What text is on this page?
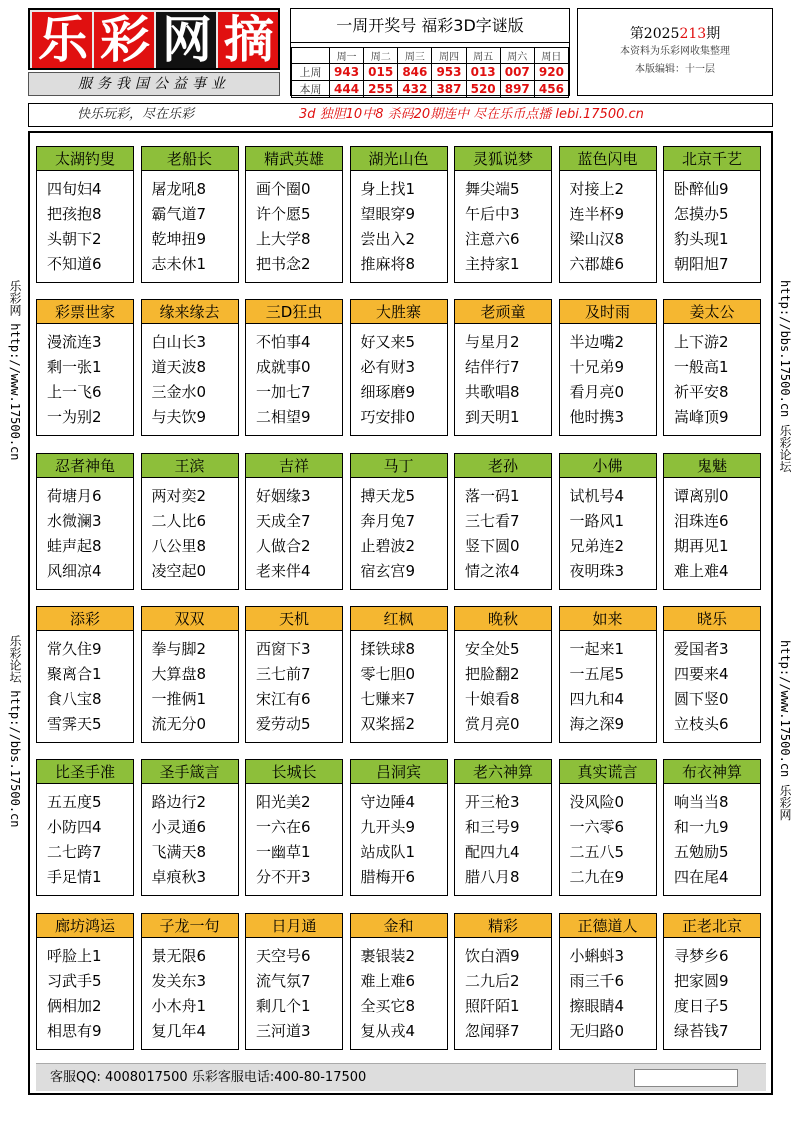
乐 彩 网 摘
服务我国公益事业
一周开奖号 福彩3D字谜版
	周一	周二	周三	周四	周五	周六	周日
上周	943	015	846	953	013	007	920
本周	444	255	432	387	520	897	456
第2025213期
本资料为乐彩网收集整理
本版编辑：十一层
快乐玩彩，尽在乐彩	3d 独胆10中8 杀码20期连中 尽在乐币点播 lebi.17500.cn
乐彩网 http://www.17500.cn
乐彩论坛 http://bbs.17500.cn
http://bbs.17500.cn 乐彩论坛
http://www.17500.cn 乐彩网
太湖钓叟
四旬妇4
把孩抱8
头朝下2
不知道6
老船长
屠龙吼8
霸气道7
乾坤扭9
志未休1
精武英雄
画个圈0
许个愿5
上大学8
把书念2
湖光山色
身上找1
望眼穿9
尝出入2
推麻将8
灵狐说梦
舞尖端5
午后中3
注意六6
主持家1
蓝色闪电
对接上2
连半杯9
梁山汉8
六郡雄6
北京千艺
卧醉仙9
怎摸办5
豹头现1
朝阳旭7
彩票世家
漫流连3
剩一张1
上一飞6
一为别2
缘来缘去
白山长3
道天波8
三金水0
与夫饮9
三D狂虫
不怕事4
成就事0
一加七7
二相望9
大胜寨
好又来5
必有财3
细琢磨9
巧安排0
老顽童
与星月2
结伴行7
共歌唱8
到天明1
及时雨
半边嘴2
十兄弟9
看月亮0
他时携3
姜太公
上下游2
一般高1
祈平安8
嵩峰顶9
忍者神龟
荷塘月6
水微澜3
蛙声起8
风细凉4
王滨
两对奕2
二人比6
八公里8
凌空起0
吉祥
好姻缘3
天成全7
人做合2
老来伴4
马丁
搏天龙5
奔月兔7
止碧波2
宿玄宫9
老孙
落一码1
三七看7
竖下圆0
情之浓4
小佛
试机号4
一路风1
兄弟连2
夜明珠3
鬼魅
谭离别0
泪珠连6
期再见1
难上难4
添彩
常久住9
聚离合1
食八宝8
雪霁天5
双双
拳与脚2
大算盘8
一推俩1
流无分0
天机
西窗下3
三七前7
宋江有6
爱劳动5
红枫
揉铁球8
零七胆0
七赚来7
双桨摇2
晚秋
安全处5
把脸翻2
十娘看8
赏月亮0
如来
一起来1
一五尾5
四九和4
海之深9
晓乐
爱国者3
四要来4
圆下竖0
立枝头6
比圣手准
五五度5
小防四4
二七跨7
手足情1
圣手箴言
路边行2
小灵通6
飞满天8
卓痕秋3
长城长
阳光美2
一六在6
一幽草1
分不开3
吕洞宾
守边陲4
九开头9
站成队1
腊梅开6
老六神算
开三枪3
和三号9
配四九4
腊八月8
真实谎言
没风险0
一六零6
二五八5
二九在9
布衣神算
响当当8
和一九9
五勉励5
四在尾4
廊坊鸿运
呼脸上1
习武手5
俩相加2
相思有9
子龙一句
景无限6
发关东3
小木舟1
复几年4
日月通
天空号6
流气氛7
剩几个1
三河道3
金和
裹银装2
难上难6
全买它8
复从戎4
精彩
饮白酒9
二九后2
照阡陌1
忽闻驿7
正德道人
小蝌蚪3
雨三千6
擦眼睛4
无归路0
正老北京
寻梦乡6
把家圆9
度日子5
绿苔钱7
客服QQ: 4008017500 乐彩客服电话:400-80-17500
